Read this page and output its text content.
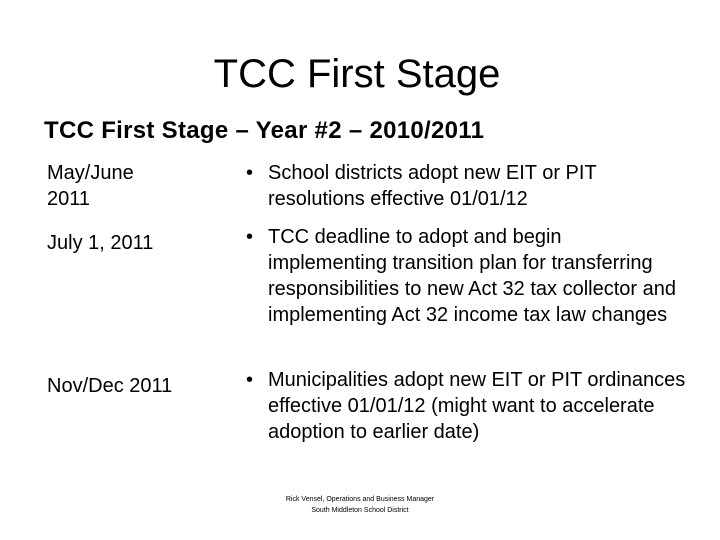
TCC First Stage
TCC First Stage – Year #2 – 2010/2011
May/June
2011
• School districts adopt new EIT or PIT resolutions effective 01/01/12
July 1, 2011	• TCC deadline to adopt and begin implementing transition plan for transferring responsibilities to new Act 32 tax collector and implementing Act 32 income tax law changes
Nov/Dec 2011	• Municipalities adopt new EIT or PIT ordinances effective 01/01/12 (might want to accelerate adoption to earlier date)
Rick Vensel, Operations and Business Manager
South Middleton School District
